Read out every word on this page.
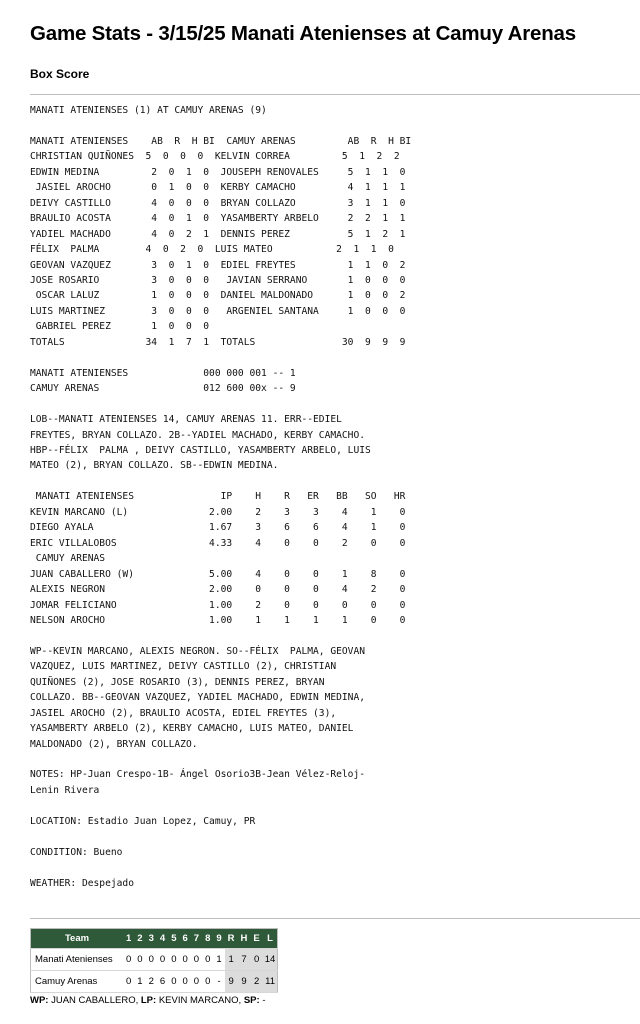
Game Stats - 3/15/25 Manati Atenienses at Camuy Arenas
Box Score
MANATI ATENIENSES (1) AT CAMUY ARENAS (9)

MANATI ATENIENSES    AB  R  H BI  CAMUY ARENAS         AB  R  H BI
CHRISTIAN QUIÑONES  5  0  0  0  KELVIN CORREA         5  1  2  2
EDWIN MEDINA         2  0  1  0  JOUSEPH RENOVALES     5  1  1  0
JASIEL AROCHO       0  1  0  0  KERBY CAMACHO         4  1  1  1
DEIVY CASTILLO       4  0  0  0  BRYAN COLLAZO         3  1  1  0
BRAULIO ACOSTA       4  0  1  0  YASAMBERTY ARBELO     2  2  1  1
YADIEL MACHADO       4  0  2  1  DENNIS PEREZ          5  1  2  1
FÉLIX  PALMA        4  0  2  0  LUIS MATEO           2  1  1  0
GEOVAN VAZQUEZ       3  0  1  0  EDIEL FREYTES         1  1  0  2
JOSE ROSARIO         3  0  0  0   JAVIAN SERRANO       1  0  0  0
OSCAR LALUZ         1  0  0  0  DANIEL MALDONADO      1  0  0  2
LUIS MARTINEZ        3  0  0  0   ARGENIEL SANTANA     1  0  0  0
GABRIEL PEREZ       1  0  0  0
TOTALS              34  1  7  1  TOTALS               30  9  9  9

MANATI ATENIENSES             000 000 001 -- 1
CAMUY ARENAS                  012 600 00x -- 9

LOB--MANATI ATENIENSES 14, CAMUY ARENAS 11. ERR--EDIEL
FREYTES, BRYAN COLLAZO. 2B--YADIEL MACHADO, KERBY CAMACHO.
HBP--FÉLIX  PALMA , DEIVY CASTILLO, YASAMBERTY ARBELO, LUIS
MATEO (2), BRYAN COLLAZO. SB--EDWIN MEDINA.

MANATI ATENIENSES               IP    H    R   ER   BB   SO   HR
KEVIN MARCANO (L)              2.00    2    3    3    4    1    0
DIEGO AYALA                    1.67    3    6    6    4    1    0
ERIC VILLALOBOS                4.33    4    0    0    2    0    0
CAMUY ARENAS
JUAN CABALLERO (W)             5.00    4    0    0    1    8    0
ALEXIS NEGRON                  2.00    0    0    0    4    2    0
JOMAR FELICIANO                1.00    2    0    0    0    0    0
NELSON AROCHO                  1.00    1    1    1    1    0    0

WP--KEVIN MARCANO, ALEXIS NEGRON. SO--FÉLIX  PALMA, GEOVAN
VAZQUEZ, LUIS MARTINEZ, DEIVY CASTILLO (2), CHRISTIAN
QUIÑONES (2), JOSE ROSARIO (3), DENNIS PEREZ, BRYAN
COLLAZO. BB--GEOVAN VAZQUEZ, YADIEL MACHADO, EDWIN MEDINA,
JASIEL AROCHO (2), BRAULIO ACOSTA, EDIEL FREYTES (3),
YASAMBERTY ARBELO (2), KERBY CAMACHO, LUIS MATEO, DANIEL
MALDONADO (2), BRYAN COLLAZO.

NOTES: HP-Juan Crespo-1B- Ángel Osorio3B-Jean Vélez-Reloj-
Lenin Rivera

LOCATION: Estadio Juan Lopez, Camuy, PR

CONDITION: Bueno

WEATHER: Despejado

Team	1	2	3	4	5	6	7	8	9	R	H	E	L
Manati Atenienses	0	0	0	0	0	0	0	0	1	1	7	0	14
Camuy Arenas	0	1	2	6	0	0	0	0	-	9	9	2	11

WP: JUAN CABALLERO, LP: KEVIN MARCANO, SP: -
